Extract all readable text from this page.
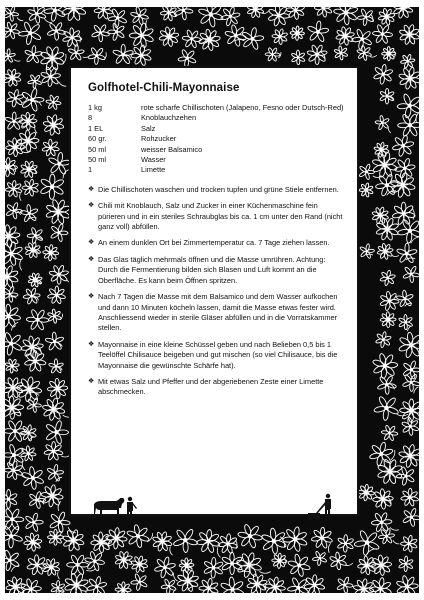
Golfhotel-Chili-Mayonnaise
1 kg	rote scharfe Chillischoten (Jalapeno, Fesno oder Dutsch-Red)
8	Knoblauchzehen
1 EL	Salz
60 gr.	Rohzucker
50 ml	weisser Balsamico
50 ml	Wasser
1	Limette
❖ Die Chillischoten waschen und trocken tupfen und grüne Stiele entfernen.
❖ Chili mit Knoblauch, Salz und Zucker in einer Küchenmaschine fein pürieren und in ein steriles Schraubglas bis ca. 1 cm unter den Rand (nicht ganz voll) abfüllen.
❖ An einem dunklen Ort bei Zimmertemperatur ca. 7 Tage ziehen lassen.
❖ Das Glas täglich mehrmals öffnen und die Masse umrühren. Achtung: Durch die Fermentierung bilden sich Blasen und Luft kommt an die Oberfläche. Es kann beim Öffnen spritzen.
❖ Nach 7 Tagen die Masse mit dem Balsamico und dem Wasser aufkochen und dann 10 Minuten köcheln lassen, damit die Masse etwas fester wird. Anschliessend wieder in sterile Gläser abfüllen und in die Vorratskammer stellen.
❖ Mayonnaise in eine kleine Schüssel geben und nach Belieben 0,5 bis 1 Teelöffel Chilisauce beigeben und gut mischen (so viel Chilisauce, bis die Mayonnaise die gewünschte Schärfe hat).
❖ Mit etwas Salz und Pfeffer und der abgeriebenen Zeste einer Limette abschmecken.
